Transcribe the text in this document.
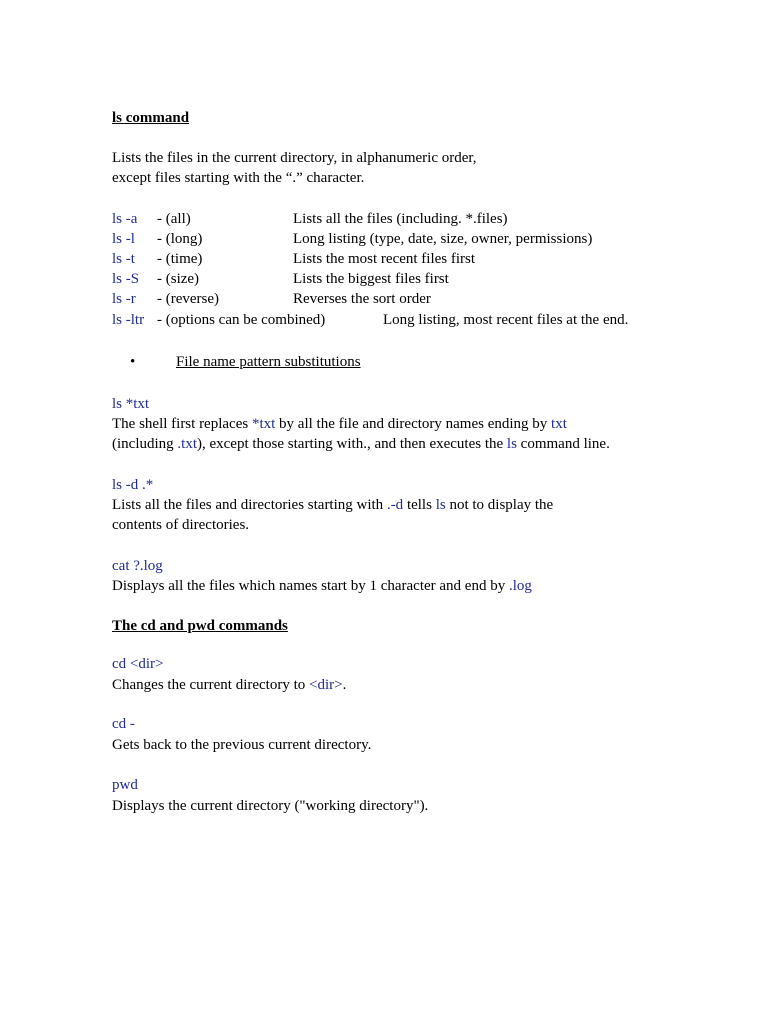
ls command
Lists the files in the current directory, in alphanumeric order,
except files starting with the “.” character.
ls -a - (all)	Lists all the files (including. *.files)
ls -l - (long)	Long listing (type, date, size, owner, permissions)
ls -t - (time)	Lists the most recent files first
ls -S - (size)	Lists the biggest files first
ls -r - (reverse)	Reverses the sort order
ls -ltr - (options can be combined)	Long listing, most recent files at the end.
•	File name pattern substitutions
ls *txt
The shell first replaces *txt by all the file and directory names ending by txt
(including .txt), except those starting with., and then executes the ls command line.
ls -d .*
Lists all the files and directories starting with .-d tells ls not to display the
contents of directories.
cat ?.log
Displays all the files which names start by 1 character and end by .log
The cd and pwd commands
cd <dir>
Changes the current directory to <dir>.
cd -
Gets back to the previous current directory.
pwd
Displays the current directory ("working directory").
